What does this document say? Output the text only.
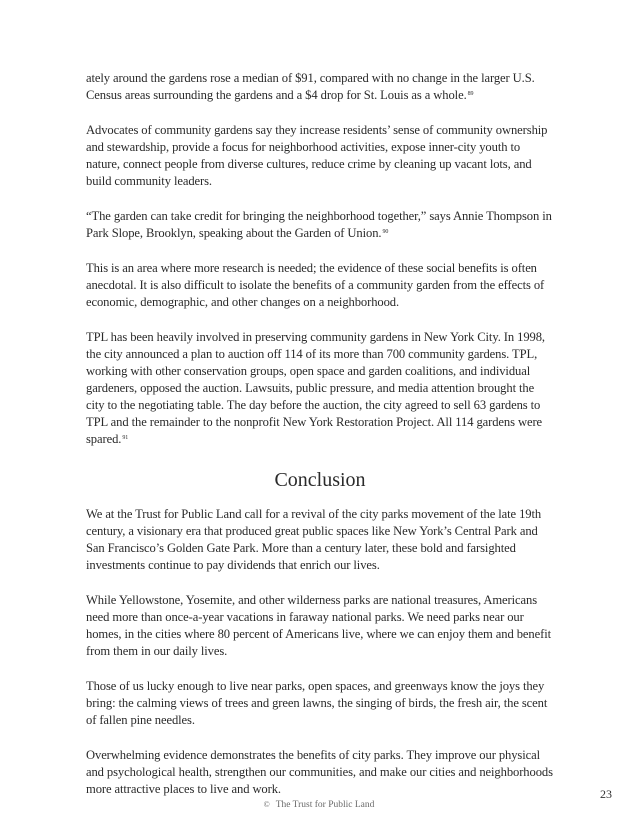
ately around the gardens rose a median of $91, compared with no change in the larger U.S. Census areas surrounding the gardens and a $4 drop for St. Louis as a whole.$^{89}$

Advocates of community gardens say they increase residents’ sense of community ownership and stewardship, provide a focus for neighborhood activities, expose inner-city youth to nature, connect people from diverse cultures, reduce crime by cleaning up vacant lots, and build community leaders.

“The garden can take credit for bringing the neighborhood together,” says Annie Thompson in Park Slope, Brooklyn, speaking about the Garden of Union.$^{90}$

This is an area where more research is needed; the evidence of these social benefits is often anecdotal. It is also difficult to isolate the benefits of a community garden from the effects of economic, demographic, and other changes on a neighborhood.

TPL has been heavily involved in preserving community gardens in New York City. In 1998, the city announced a plan to auction off 114 of its more than 700 community gardens. TPL, working with other conservation groups, open space and garden coalitions, and individual gardeners, opposed the auction. Lawsuits, public pressure, and media attention brought the city to the negotiating table. The day before the auction, the city agreed to sell 63 gardens to TPL and the remainder to the nonprofit New York Restoration Project. All 114 gardens were spared.$^{91}$

Conclusion

We at the Trust for Public Land call for a revival of the city parks movement of the late 19th century, a visionary era that produced great public spaces like New York’s Central Park and San Francisco’s Golden Gate Park. More than a century later, these bold and farsighted investments continue to pay dividends that enrich our lives.

While Yellowstone, Yosemite, and other wilderness parks are national treasures, Americans need more than once-a-year vacations in faraway national parks. We need parks near our homes, in the cities where 80 percent of Americans live, where we can enjoy them and benefit from them in our daily lives.

Those of us lucky enough to live near parks, open spaces, and greenways know the joys they bring: the calming views of trees and green lawns, the singing of birds, the fresh air, the scent of fallen pine needles.

Overwhelming evidence demonstrates the benefits of city parks. They improve our physical and psychological health, strengthen our communities, and make our cities and neighborhoods more attractive places to live and work.	23
© The Trust for Public Land
